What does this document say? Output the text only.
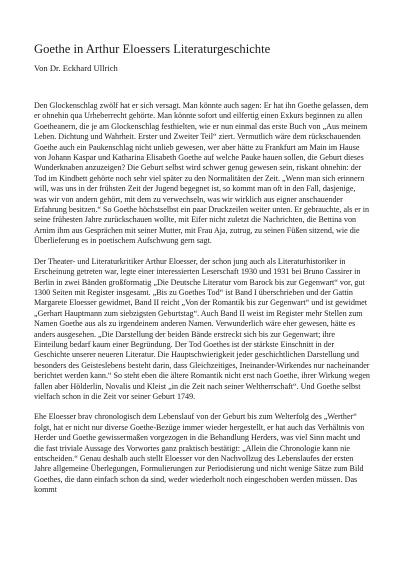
Goethe in Arthur Eloessers Literaturgeschichte

Von Dr. Eckhard Ullrich

Den Glockenschlag zwölf hat er sich versagt. Man könnte auch sagen: Er hat ihn Goethe gelassen, dem er ohnehin qua Urheberrecht gehörte. Man könnte sofort und eilfertig einen Exkurs beginnen zu allen Goetheanern, die je am Glockenschlag festhielten, wie er nun einmal das erste Buch von „Aus meinem Leben. Dichtung und Wahrheit. Erster und Zweiter Teil“ ziert. Vermutlich wäre dem rückschauenden Goethe auch ein Paukenschlag nicht unlieb gewesen, wer aber hätte zu Frankfurt am Main im Hause von Johann Kaspar und Katharina Elisabeth Goethe auf welche Pauke hauen sollen, die Geburt dieses Wunderknaben anzuzeigen? Die Geburt selbst wird schwer genug gewesen sein, riskant ohnehin: der Tod im Kindbett gehörte noch sehr viel später zu den Normalitäten der Zeit. „Wenn man sich erinnern will, was uns in der frühsten Zeit der Jugend begegnet ist, so kommt man oft in den Fall, dasjenige, was wir von andern gehört, mit dem zu verwechseln, was wir wirklich aus eigner anschauender Erfahrung besitzen.“ So Goethe höchstselbst ein paar Druckzeilen weiter unten. Er gebrauchte, als er in seine frühesten Jahre zurückschauen wollte, mit Eifer nicht zuletzt die Nachrichten, die Bettina von Arnim ihm aus Gesprächen mit seiner Mutter, mit Frau Aja, zutrug, zu seinen Füßen sitzend, wie die Überlieferung es in poetischem Aufschwung gern sagt.

Der Theater- und Literaturkritiker Arthur Eloesser, der schon jung auch als Literaturhistoriker in Erscheinung getreten war, legte einer interessierten Leserschaft 1930 und 1931 bei Bruno Cassirer in Berlin in zwei Bänden großformatig „Die Deutsche Literatur vom Barock bis zur Gegenwart“ vor, gut 1300 Seiten mit Register insgesamt. „Bis zu Goethes Tod“ ist Band I überschrieben und der Gattin Margarete Eloesser gewidmet, Band II reicht „Von der Romantik bis zur Gegenwart“ und ist gewidmet „Gerhart Hauptmann zum siebzigsten Geburtstag“. Auch Band II weist im Register mehr Stellen zum Namen Goethe aus als zu irgendeinem anderen Namen. Verwunderlich wäre eher gewesen, hätte es anders ausgesehen. „Die Darstellung der beiden Bände erstreckt sich bis zur Gegenwart; ihre Einteilung bedarf kaum einer Begründung. Der Tod Goethes ist der stärkste Einschnitt in der Geschichte unserer neueren Literatur. Die Hauptschwierigkeit jeder geschichtlichen Darstellung und besonders des Geisteslebens besteht darin, dass Gleichzeitiges, Ineinander-Wirkendes nur nacheinander berichtet werden kann.“ So steht eben die ältere Romantik nicht erst nach Goethe, ihrer Wirkung wegen fallen aber Hölderlin, Novalis und Kleist „in die Zeit nach seiner Weltherrschaft“. Und Goethe selbst vielfach schon in die Zeit vor seiner Geburt 1749.

Ehe Eloesser brav chronologisch dem Lebenslauf von der Geburt bis zum Welterfolg des „Werther“ folgt, hat er nicht nur diverse Goethe-Bezüge immer wieder hergestellt, er hat auch das Verhältnis von Herder und Goethe gewissermaßen vorgezogen in die Behandlung Herders, was viel Sinn macht und die fast triviale Aussage des Vorwortes ganz praktisch bestätigt: „Allein die Chronologie kann nie entscheiden.“ Genau deshalb auch stellt Eloesser vor den Nachvollzug des Lebenslaufes der ersten Jahre allgemeine Überlegungen, Formulierungen zur Periodisierung und nicht wenige Sätze zum Bild Goethes, die dann einfach schon da sind, weder wiederholt noch eingeschoben werden müssen. Das kommt
